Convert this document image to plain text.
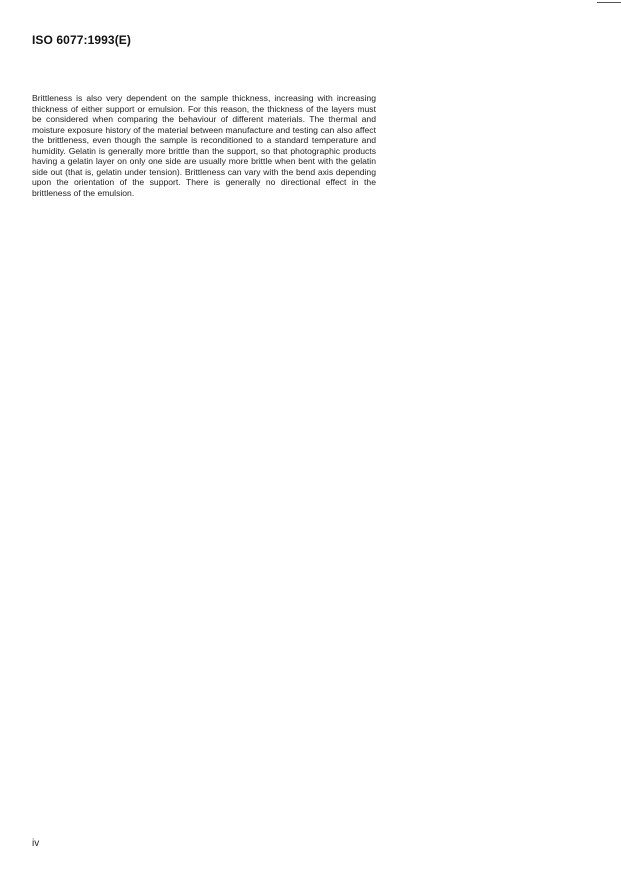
ISO 6077:1993(E)

Brittleness is also very dependent on the sample thickness, increasing with increasing thickness of either support or emulsion. For this reason, the thickness of the layers must be considered when comparing the behaviour of different materials. The thermal and moisture exposure history of the material between manufacture and testing can also affect the brittleness, even though the sample is reconditioned to a standard temperature and humidity. Gelatin is generally more brittle than the support, so that photographic products having a gelatin layer on only one side are usually more brittle when bent with the gelatin side out (that is, gelatin under tension). Brittleness can vary with the bend axis depending upon the orientation of the support. There is generally no directional effect in the brittleness of the emulsion.

iv
